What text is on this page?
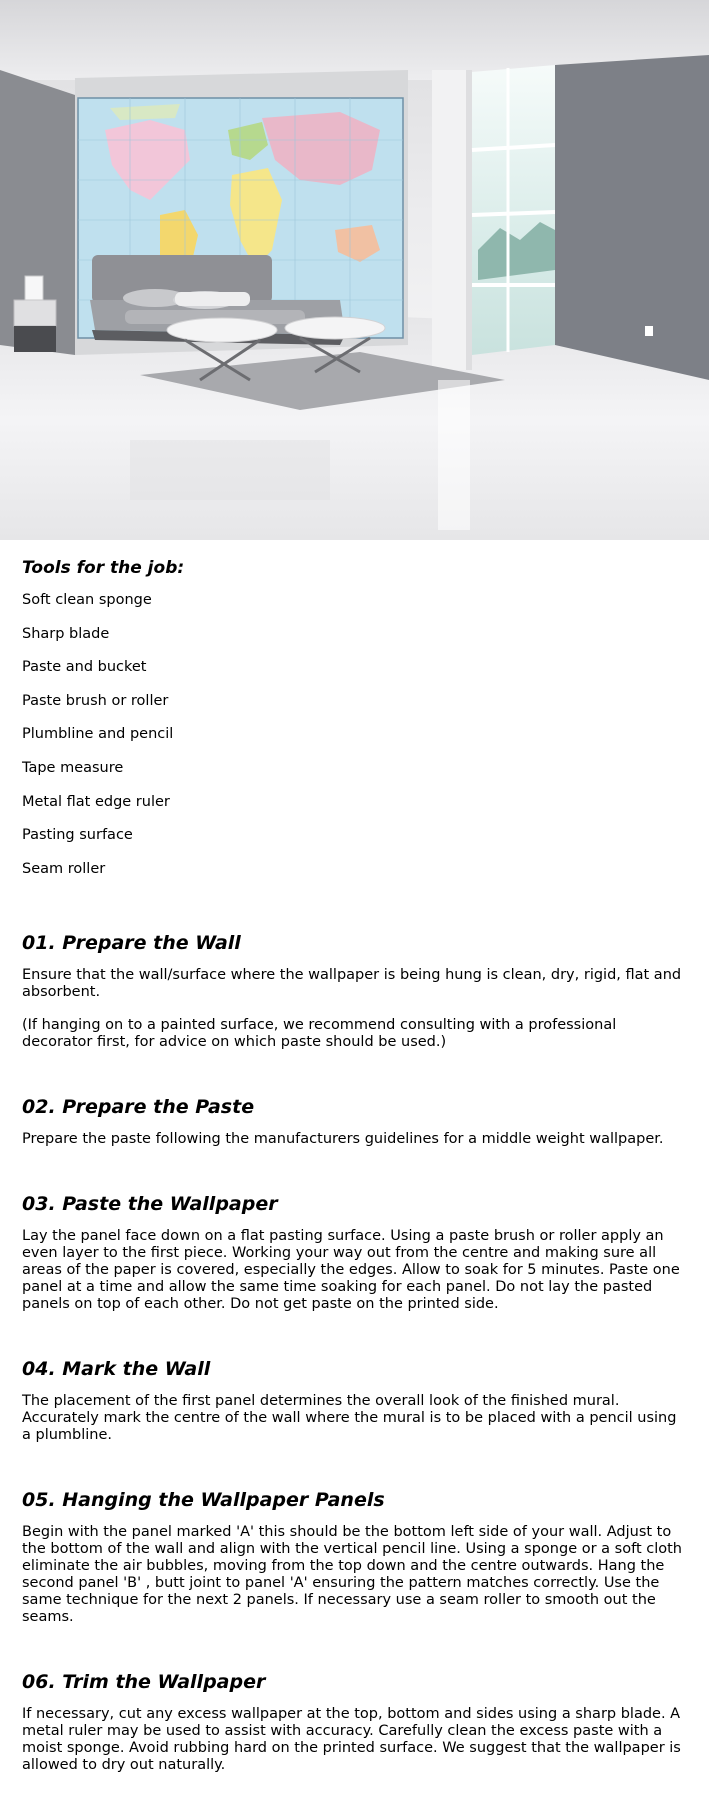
Tools for the job:

Soft clean sponge

Sharp blade

Paste and bucket

Paste brush or roller

Plumbline and pencil

Tape measure

Metal flat edge ruler

Pasting surface

Seam roller

01. Prepare the Wall

Ensure that the wall/surface where the wallpaper is being hung is clean, dry, rigid, flat and absorbent.

(If hanging on to a painted surface, we recommend consulting with a professional decorator first, for advice on which paste should be used.)

02. Prepare the Paste

Prepare the paste following the manufacturers guidelines for a middle weight wallpaper.

03. Paste the Wallpaper

Lay the panel face down on a flat pasting surface. Using a paste brush or roller apply an even layer to the first piece. Working your way out from the centre and making sure all areas of the paper is covered, especially the edges. Allow to soak for 5 minutes. Paste one panel at a time and allow the same time soaking for each panel. Do not lay the pasted panels on top of each other. Do not get paste on the printed side.

04. Mark the Wall

The placement of the first panel determines the overall look of the finished mural. Accurately mark the centre of the wall where the mural is to be placed with a pencil using a plumbline.

05. Hanging the Wallpaper Panels

Begin with the panel marked 'A' this should be the bottom left side of your wall. Adjust to the bottom of the wall and align with the vertical pencil line. Using a sponge or a soft cloth eliminate the air bubbles, moving from the top down and the centre outwards. Hang the second panel 'B' , butt joint to panel 'A' ensuring the pattern matches correctly. Use the same technique for the next 2 panels. If necessary use a seam roller to smooth out the seams.

06. Trim the Wallpaper

If necessary, cut any excess wallpaper at the top, bottom and sides using a sharp blade. A metal ruler may be used to assist with accuracy. Carefully clean the excess paste with a moist sponge. Avoid rubbing hard on the printed surface. We suggest that the wallpaper is allowed to dry out naturally.
